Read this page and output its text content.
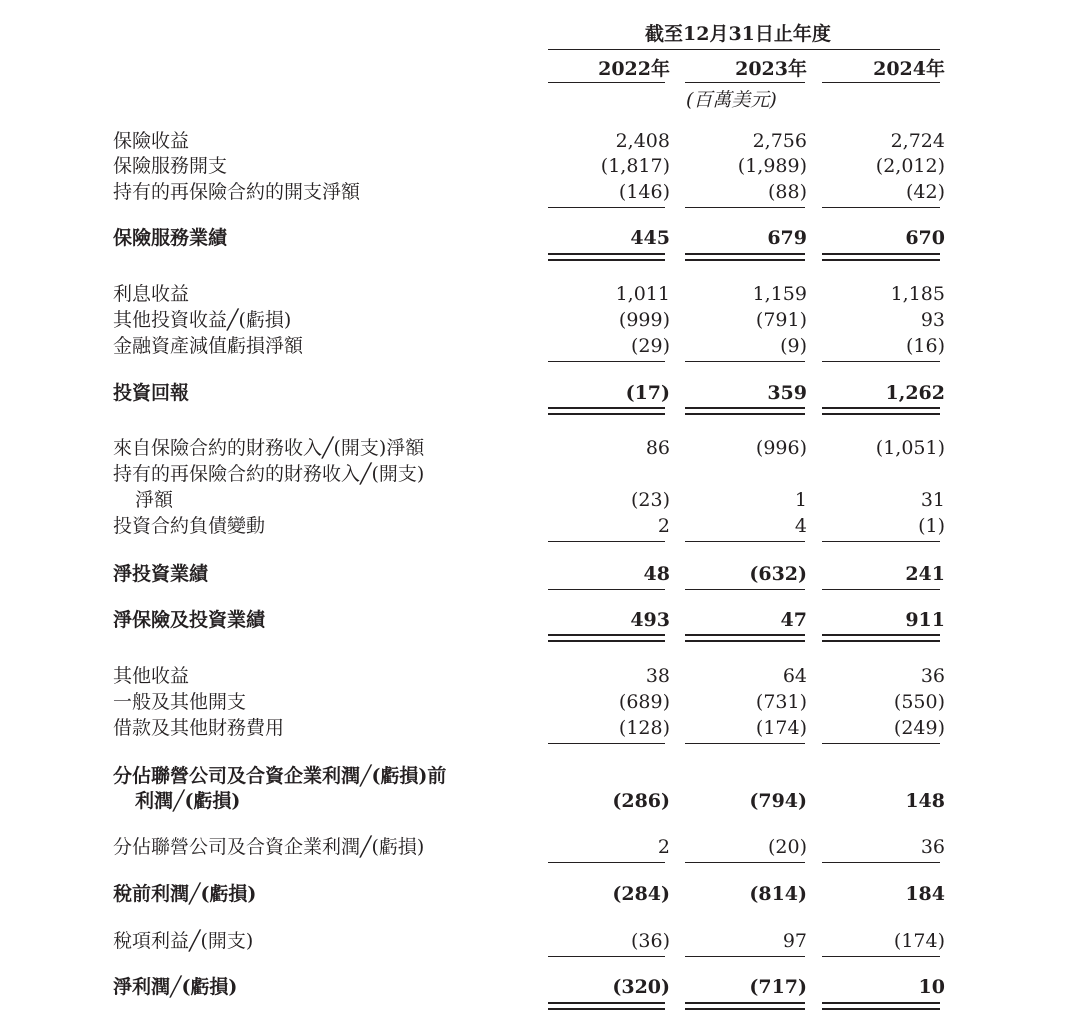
截至12月31日止年度
2022年	2023年	2024年
(百萬美元)
保險收益	2,408	2,756	2,724
保險服務開支	(1,817)	(1,989)	(2,012)
持有的再保險合約的開支淨額	(146)	(88)	(42)
保險服務業績	445	679	670
利息收益	1,011	1,159	1,185
其他投資收益╱(虧損)	(999)	(791)	93
金融資產減值虧損淨額	(29)	(9)	(16)
投資回報	(17)	359	1,262
來自保險合約的財務收入╱(開支)淨額	86	(996)	(1,051)
持有的再保險合約的財務收入╱(開支)
淨額	(23)	1	31
投資合約負債變動	2	4	(1)
淨投資業績	48	(632)	241
淨保險及投資業績	493	47	911
其他收益	38	64	36
一般及其他開支	(689)	(731)	(550)
借款及其他財務費用	(128)	(174)	(249)
分佔聯營公司及合資企業利潤╱(虧損)前
利潤╱(虧損)	(286)	(794)	148
分佔聯營公司及合資企業利潤╱(虧損)	2	(20)	36
稅前利潤╱(虧損)	(284)	(814)	184
稅項利益╱(開支)	(36)	97	(174)
淨利潤╱(虧損)	(320)	(717)	10
